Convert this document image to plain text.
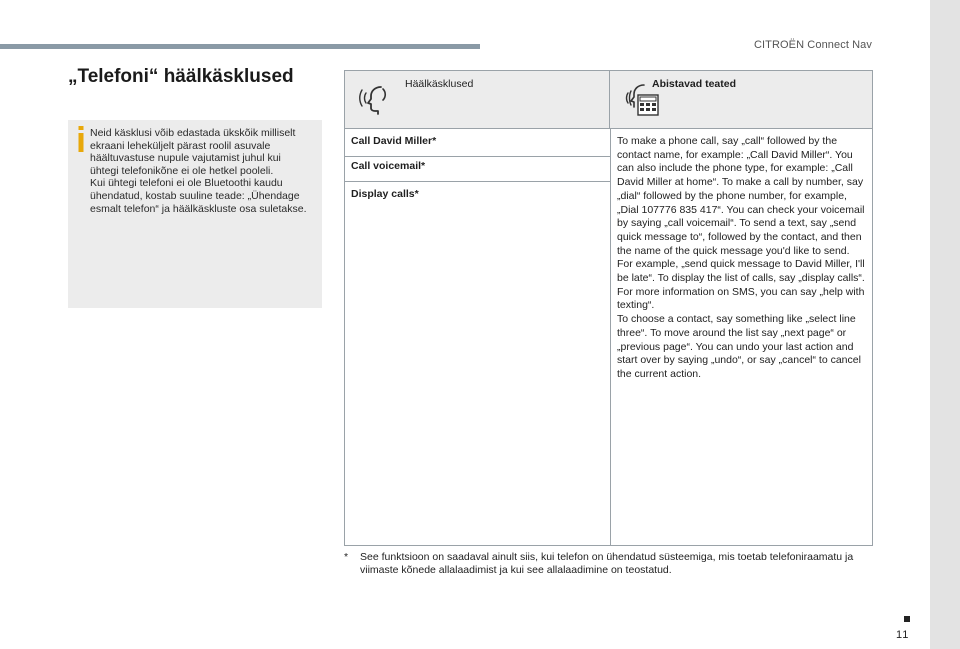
CITROËN Connect Nav
„Telefoni“ häälkäsklused
Neid käsklusi võib edastada ükskõik milliselt ekraani leheküljelt pärast roolil asuvale häältuvastuse nupule vajutamist juhul kui ühtegi telefonikõne ei ole hetkel pooleli.
Kui ühtegi telefoni ei ole Bluetoothi kaudu ühendatud, kostab suuline teade: „Ühendage esmalt telefon“ ja häälkäskluste osa suletakse.
Häälkäsklused	Abistavad teated
Call David Miller*
Call voicemail*
Display calls*
To make a phone call, say „call“ followed by the contact name, for example: „Call David Miller“. You can also include the phone type, for example: „Call David Miller at home“. To make a call by number, say „dial“ followed by the phone number, for example, „Dial 107776 835 417“. You can check your voicemail by saying „call voicemail“. To send a text, say „send quick message to“, followed by the contact, and then the name of the quick message you'd like to send. For example, „send quick message to David Miller, I'll be late“. To display the list of calls, say „display calls“. For more information on SMS, you can say „help with texting“.
To choose a contact, say something like „select line three“. To move around the list say „next page“ or „previous page“. You can undo your last action and start over by saying „undo“, or say „cancel“ to cancel the current action.
* See funktsioon on saadaval ainult siis, kui telefon on ühendatud süsteemiga, mis toetab telefoniraamatu ja viimaste kõnede allalaadimist ja kui see allalaadimine on teostatud.
11
